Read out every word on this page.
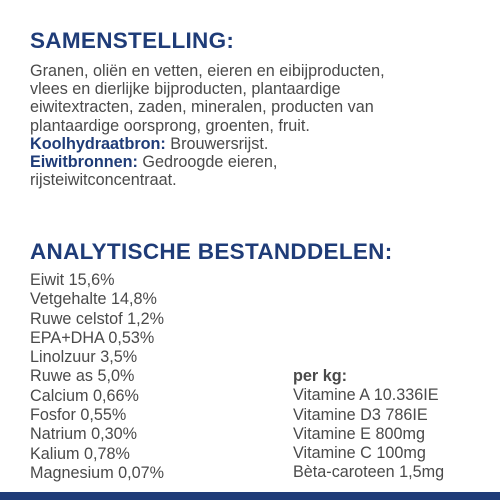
SAMENSTELLING:
Granen, oliën en vetten, eieren en eibijproducten,
vlees en dierlijke bijproducten, plantaardige
eiwitextracten, zaden, mineralen, producten van
plantaardige oorsprong, groenten, fruit.
Koolhydraatbron: Brouwersrijst.
Eiwitbronnen: Gedroogde eieren,
rijsteiwitconcentraat.
ANALYTISCHE BESTANDDELEN:
Eiwit 15,6%
Vetgehalte 14,8%
Ruwe celstof 1,2%
EPA+DHA 0,53%
Linolzuur 3,5%
Ruwe as 5,0%
Calcium 0,66%
Fosfor 0,55%
Natrium 0,30%
Kalium 0,78%
Magnesium 0,07%
per kg:
Vitamine A 10.336IE
Vitamine D3 786IE
Vitamine E 800mg
Vitamine C 100mg
Bèta-caroteen 1,5mg
